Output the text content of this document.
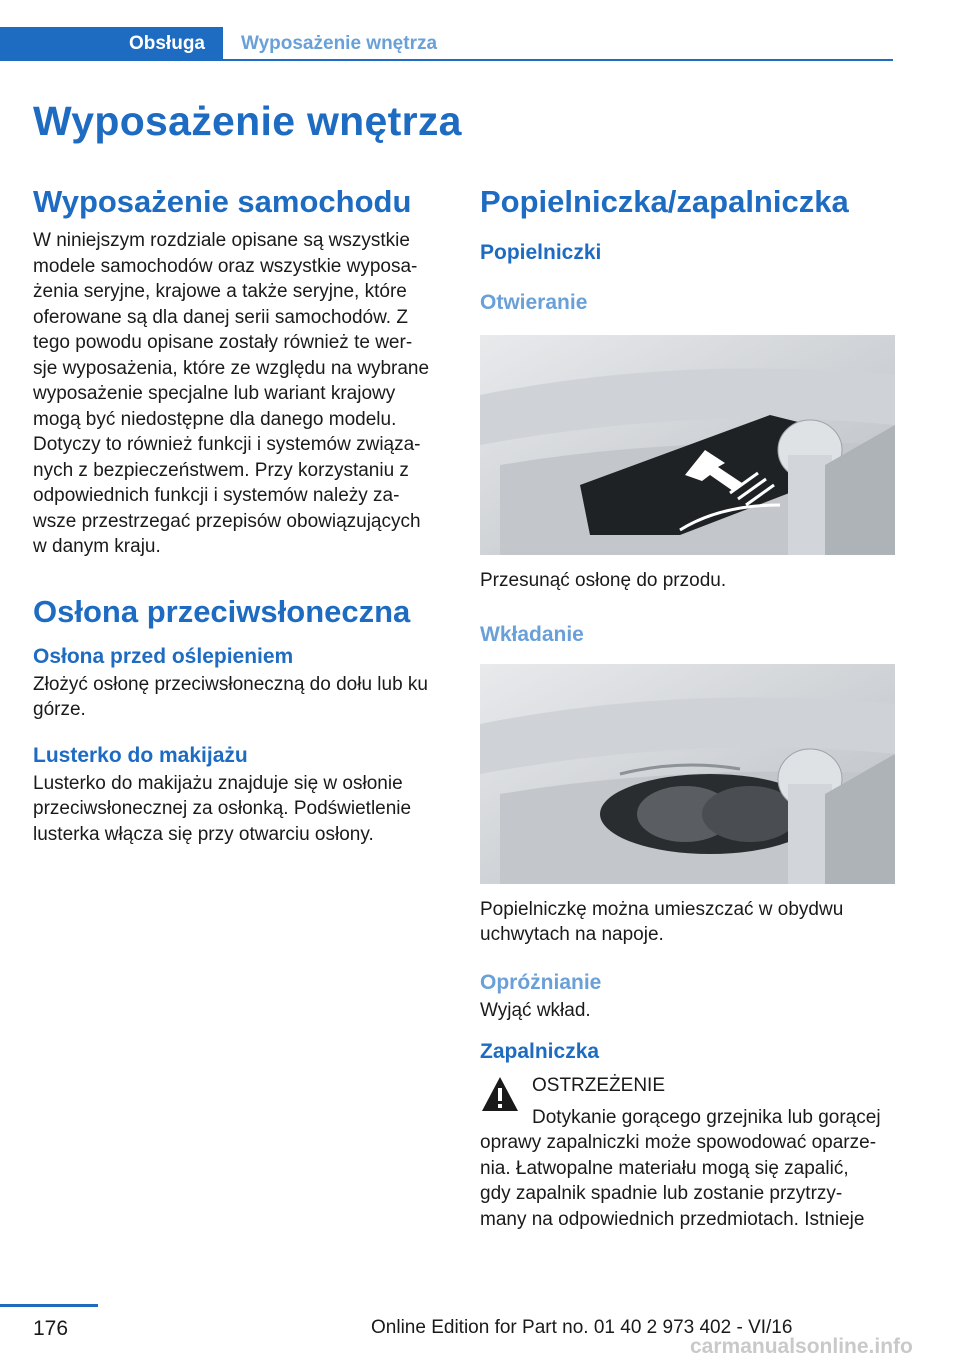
Obsługa	Wyposażenie wnętrza
Wyposażenie wnętrza
Wyposażenie samochodu

W niniejszym rozdziale opisane są wszystkie

modele samochodów oraz wszystkie wyposa‐

żenia seryjne, krajowe a także seryjne, które

oferowane są dla danej serii samochodów. Z

tego powodu opisane zostały również te wer‐

sje wyposażenia, które ze względu na wybrane

wyposażenie specjalne lub wariant krajowy

mogą być niedostępne dla danego modelu.

Dotyczy to również funkcji i systemów związa‐

nych z bezpieczeństwem. Przy korzystaniu z

odpowiednich funkcji i systemów należy za‐

wsze przestrzegać przepisów obowiązujących

w danym kraju.

Osłona przeciwsłoneczna
Osłona przed oślepieniem

Złożyć osłonę przeciwsłoneczną do dołu lub ku

górze.

Lusterko do makijażu

Lusterko do makijażu znajduje się w osłonie

przeciwsłonecznej za osłonką. Podświetlenie

lusterka włącza się przy otwarciu osłony.

Popielniczka/zapalniczka
Popielniczki
Otwieranie

Przesunąć osłonę do przodu.

Wkładanie

Popielniczkę można umieszczać w obydwu

uchwytach na napoje.

Opróżnianie

Wyjąć wkład.

Zapalniczka

OSTRZEŻENIE

Dotykanie gorącego grzejnika lub gorącej

oprawy zapalniczki może spowodować oparze‐

nia. Łatwopalne materiału mogą się zapalić,

gdy zapalnik spadnie lub zostanie przytrzy‐

many na odpowiednich przedmiotach. Istnieje

176	Online Edition for Part no. 01 40 2 973 402 - VI/16
carmanualsonline.info
